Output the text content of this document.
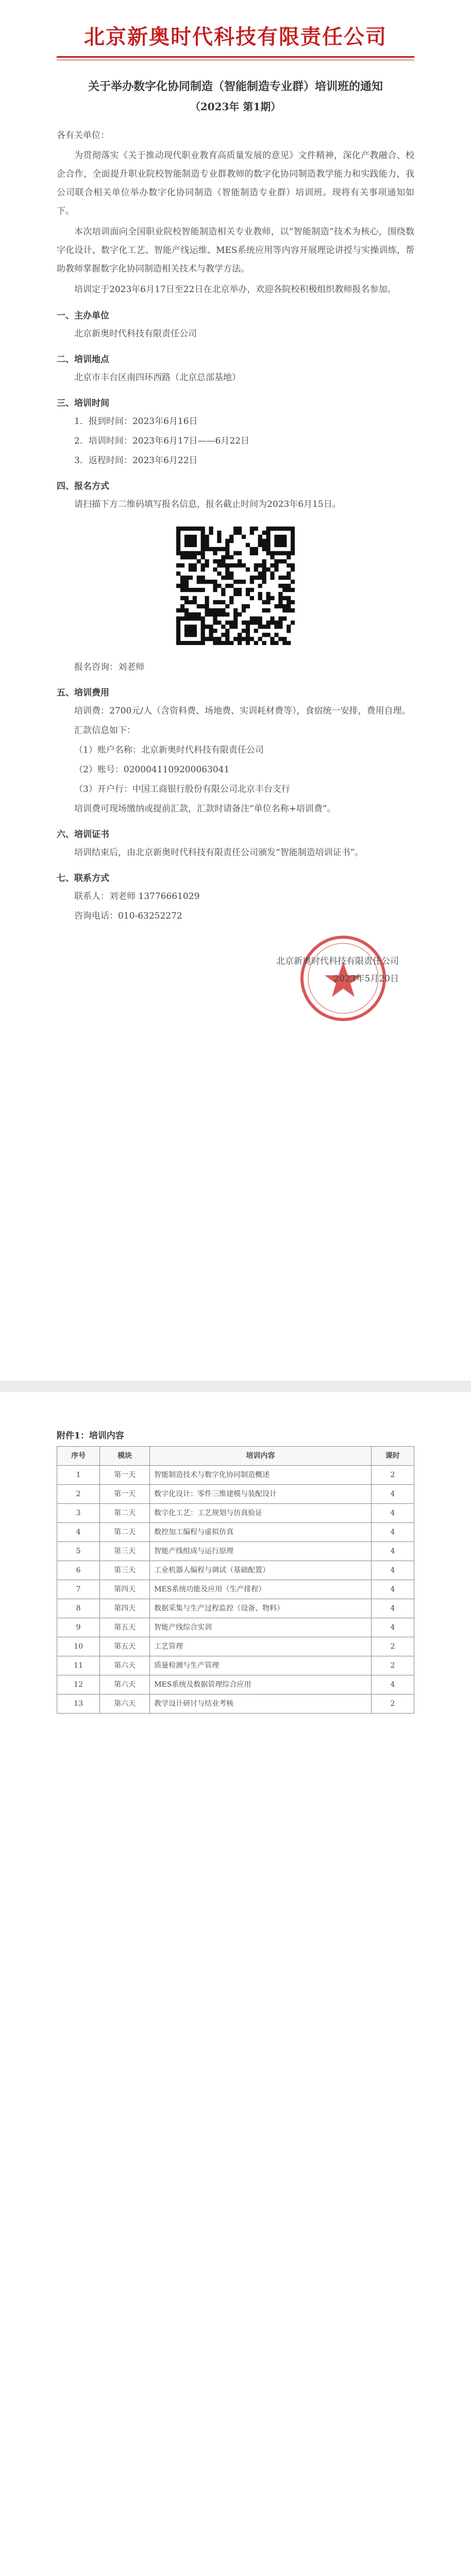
北京新奥时代科技有限责任公司
关于举办数字化协同制造（智能制造专业群）培训班的通知
（2023年 第1期）
各有关单位：

为贯彻落实《关于推动现代职业教育高质量发展的意见》文件精神，深化产教融合、校企合作，全面提升职业院校智能制造专业群教师的数字化协同制造教学能力和实践能力，我公司联合相关单位举办数字化协同制造（智能制造专业群）培训班。现将有关事项通知如下。

本次培训面向全国职业院校智能制造相关专业教师，以“智能制造”技术为核心，围绕数字化设计、数字化工艺、智能产线运维、MES系统应用等内容开展理论讲授与实操训练，帮助教师掌握数字化协同制造相关技术与教学方法。

培训定于2023年6月17日至22日在北京举办，欢迎各院校积极组织教师报名参加。

一、主办单位
北京新奥时代科技有限责任公司
二、培训地点
北京市丰台区南四环西路（北京总部基地）
三、培训时间
1．报到时间：2023年6月16日
2．培训时间：2023年6月17日——6月22日
3．返程时间：2023年6月22日
四、报名方式
请扫描下方二维码填写报名信息，报名截止时间为2023年6月15日。
报名咨询：刘老师
五、培训费用
培训费：2700元/人（含资料费、场地费、实训耗材费等），食宿统一安排，费用自理。
汇款信息如下：
（1）账户名称：北京新奥时代科技有限责任公司
（2）账号：0200041109200063041
（3）开户行：中国工商银行股份有限公司北京丰台支行
培训费可现场缴纳或提前汇款，汇款时请备注“单位名称+培训费”。
六、培训证书
培训结束后，由北京新奥时代科技有限责任公司颁发“智能制造培训证书”。
七、联系方式
联系人：刘老师 13776661029
咨询电话：010-63252272
北京新奥时代科技有限责任公司
2023年5月20日
附件1：培训内容
序号	模块	培训内容	课时
1	第一天	智能制造技术与数字化协同制造概述	2
2	第一天	数字化设计：零件三维建模与装配设计	4
3	第二天	数字化工艺：工艺规划与仿真验证	4
4	第二天	数控加工编程与虚拟仿真	4
5	第三天	智能产线组成与运行原理	4
6	第三天	工业机器人编程与调试（基础配置）	4
7	第四天	MES系统功能及应用（生产排程）	4
8	第四天	数据采集与生产过程监控（设备、物料）	4
9	第五天	智能产线综合实训	4
10	第五天	工艺管理	2
11	第六天	质量检测与生产管理	2
12	第六天	MES系统及数据管理综合应用	4
13	第六天	教学设计研讨与结业考核	2
